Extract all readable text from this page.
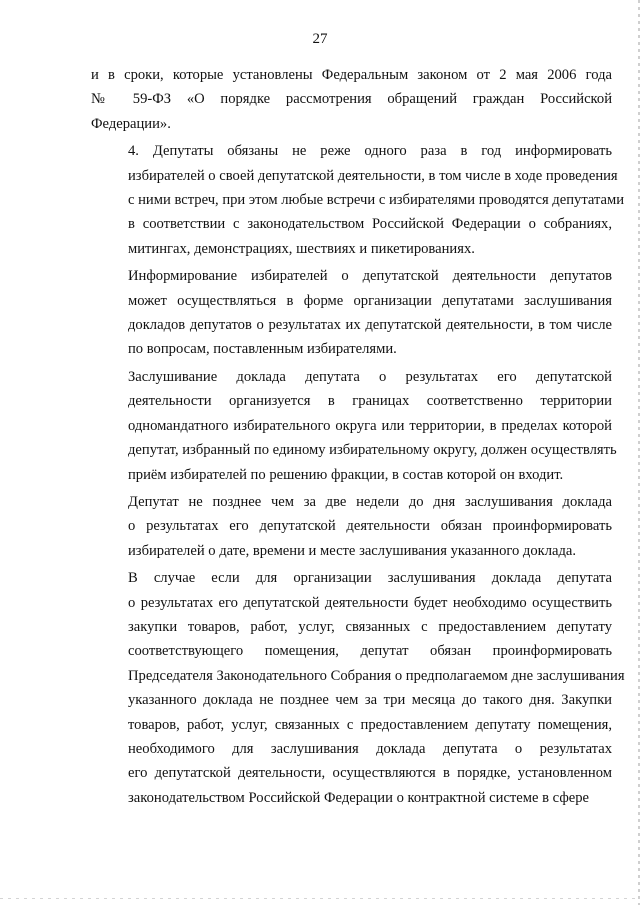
27
и в сроки, которые установлены Федеральным законом от 2 мая 2006 года
№ 59-ФЗ «О порядке рассмотрения обращений граждан Российской
Федерации».
4. Депутаты обязаны не реже одного раза в год информировать
избирателей о своей депутатской деятельности, в том числе в ходе проведения
с ними встреч, при этом любые встречи с избирателями проводятся депутатами
в соответствии с законодательством Российской Федерации о собраниях,
митингах, демонстрациях, шествиях и пикетированиях.
Информирование избирателей о депутатской деятельности депутатов
может осуществляться в форме организации депутатами заслушивания
докладов депутатов о результатах их депутатской деятельности, в том числе
по вопросам, поставленным избирателями.
Заслушивание доклада депутата о результатах его депутатской
деятельности организуется в границах соответственно территории
одномандатного избирательного округа или территории, в пределах которой
депутат, избранный по единому избирательному округу, должен осуществлять
приём избирателей по решению фракции, в состав которой он входит.
Депутат не позднее чем за две недели до дня заслушивания доклада
о результатах его депутатской деятельности обязан проинформировать
избирателей о дате, времени и месте заслушивания указанного доклада.
В случае если для организации заслушивания доклада депутата
о результатах его депутатской деятельности будет необходимо осуществить
закупки товаров, работ, услуг, связанных с предоставлением депутату
соответствующего помещения, депутат обязан проинформировать
Председателя Законодательного Собрания о предполагаемом дне заслушивания
указанного доклада не позднее чем за три месяца до такого дня. Закупки
товаров, работ, услуг, связанных с предоставлением депутату помещения,
необходимого для заслушивания доклада депутата о результатах
его депутатской деятельности, осуществляются в порядке, установленном
законодательством Российской Федерации о контрактной системе в сфере
